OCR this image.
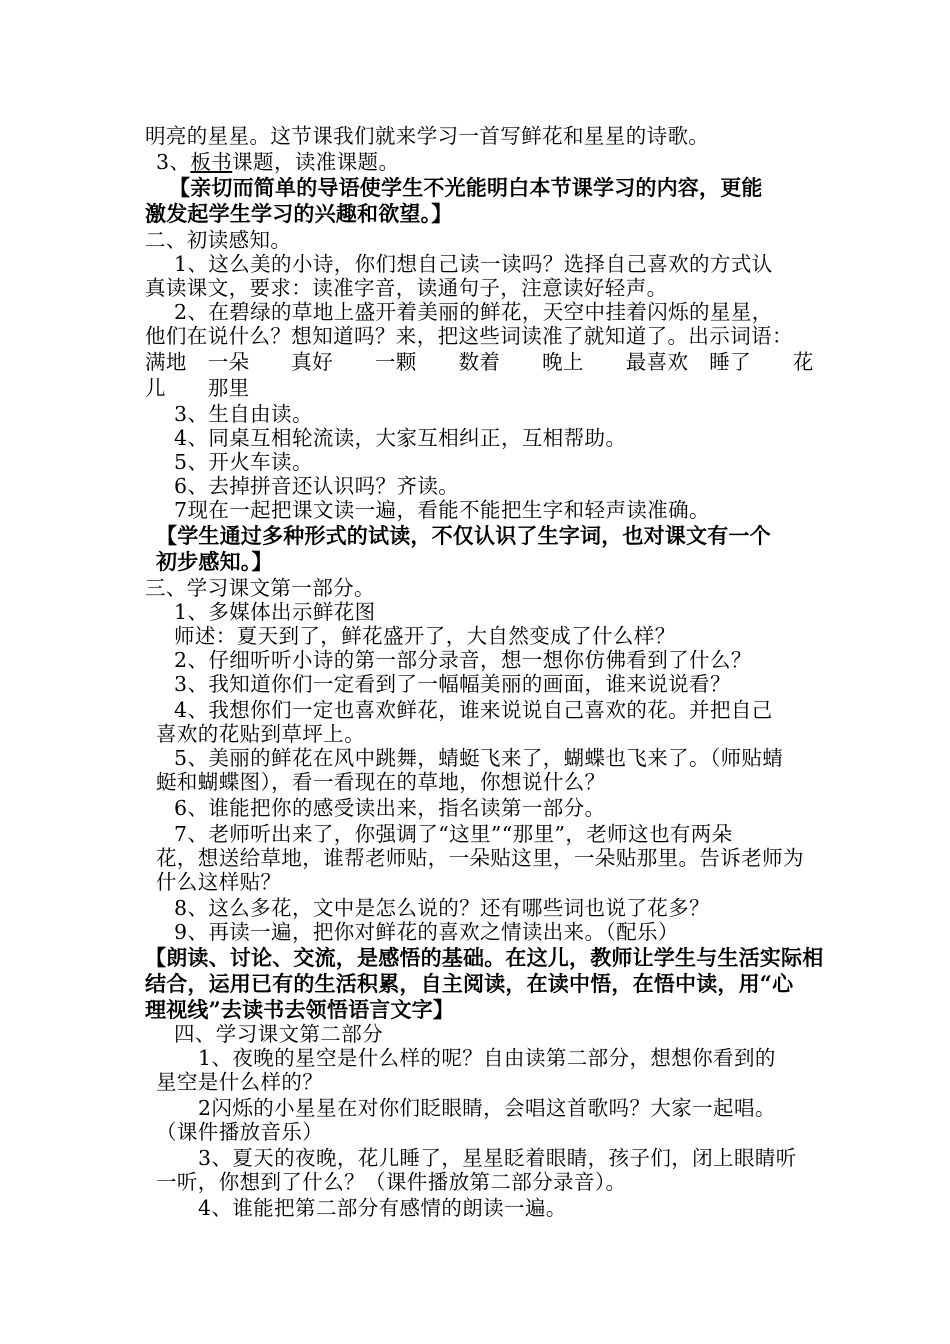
明亮的星星。这节课我们就来学习一首写鲜花和星星的诗歌。
3、板书课题，读准课题。
【亲切而简单的导语使学生不光能明白本节课学习的内容，更能
激发起学生学习的兴趣和欲望。】
二、初读感知。
1、这么美的小诗，你们想自己读一读吗？选择自己喜欢的方式认
真读课文，要求：读准字音，读通句子，注意读好轻声。
2、在碧绿的草地上盛开着美丽的鲜花，天空中挂着闪烁的星星，
他们在说什么？想知道吗？来，把这些词读准了就知道了。出示词语：
满地　一朵　　真好　　一颗　　数着　　晚上　　最喜欢　睡了　　花
儿　　那里
3、生自由读。
4、同桌互相轮流读，大家互相纠正，互相帮助。
5、开火车读。
6、去掉拼音还认识吗？齐读。
7现在一起把课文读一遍，看能不能把生字和轻声读准确。
【学生通过多种形式的试读，不仅认识了生字词，也对课文有一个
初步感知。】
三、学习课文第一部分。
1、多媒体出示鲜花图
师述：夏天到了，鲜花盛开了，大自然变成了什么样？
2、仔细听听小诗的第一部分录音，想一想你仿佛看到了什么？
3、我知道你们一定看到了一幅幅美丽的画面，谁来说说看？
4、我想你们一定也喜欢鲜花，谁来说说自己喜欢的花。并把自己
喜欢的花贴到草坪上。
5、美丽的鲜花在风中跳舞，蜻蜓飞来了，蝴蝶也飞来了。（师贴蜻
蜓和蝴蝶图），看一看现在的草地，你想说什么？
6、谁能把你的感受读出来，指名读第一部分。
7、老师听出来了，你强调了“这里”“那里”，老师这也有两朵
花，想送给草地，谁帮老师贴，一朵贴这里，一朵贴那里。告诉老师为
什么这样贴？
8、这么多花，文中是怎么说的？还有哪些词也说了花多？
9、再读一遍，把你对鲜花的喜欢之情读出来。（配乐）
【朗读、讨论、交流，是感悟的基础。在这儿，教师让学生与生活实际相
结合，运用已有的生活积累，自主阅读，在读中悟，在悟中读，用“心
理视线”去读书去领悟语言文字】
四、学习课文第二部分
1、夜晚的星空是什么样的呢？自由读第二部分，想想你看到的
星空是什么样的？
2闪烁的小星星在对你们眨眼睛，会唱这首歌吗？大家一起唱。
（课件播放音乐）
3、夏天的夜晚，花儿睡了，星星眨着眼睛，孩子们，闭上眼睛听
一听，你想到了什么？（课件播放第二部分录音）。
4、谁能把第二部分有感情的朗读一遍。
